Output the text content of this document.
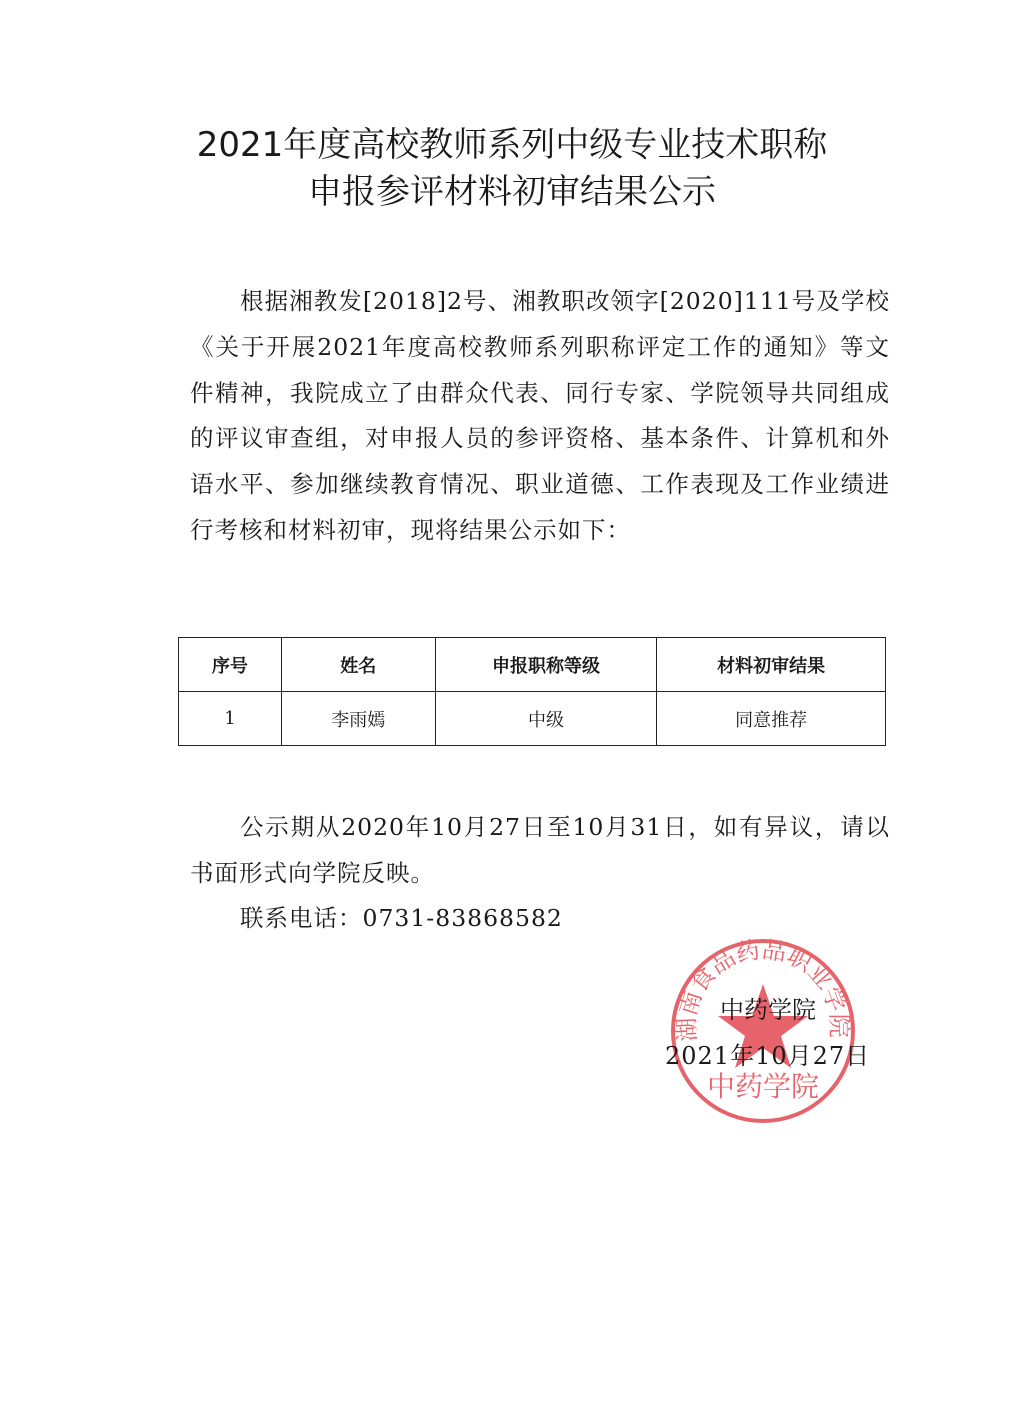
2021年度高校教师系列中级专业技术职称
申报参评材料初审结果公示
根据湘教发[2018]2号、湘教职改领字[2020]111号及学校《关于开展2021年度高校教师系列职称评定工作的通知》等文件精神，我院成立了由群众代表、同行专家、学院领导共同组成的评议审查组，对申报人员的参评资格、基本条件、计算机和外语水平、参加继续教育情况、职业道德、工作表现及工作业绩进行考核和材料初审，现将结果公示如下：
序号	姓名	申报职称等级	材料初审结果
1	李雨嫣	中级	同意推荐
公示期从2020年10月27日至10月31日，如有异议，请以书面形式向学院反映。
联系电话：0731-83868582
湖南食品药品职业学院
中药学院
中药学院
2021年10月27日
